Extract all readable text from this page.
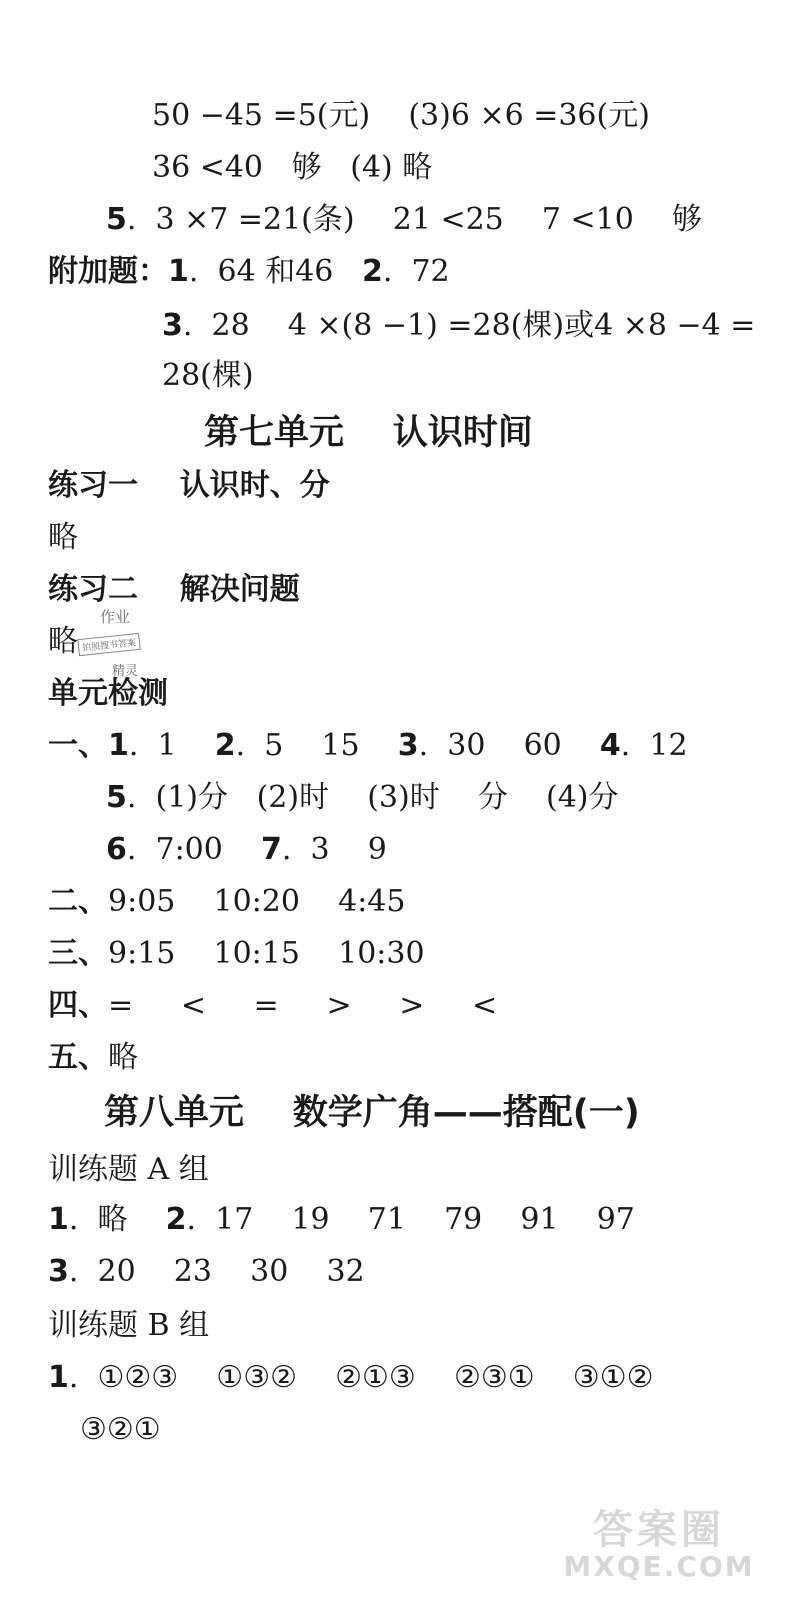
50 −45 =5(元)    (3)6 ×6 =36(元)
36 <40   够   (4) 略
5.  3 ×7 =21(条)    21 <25    7 <10    够
附加题：1.  64 和46   2.  72
3.  28    4 ×(8 −1) =28(棵)或4 ×8 −4 =
28(棵)
第七单元    认识时间
练习一    认识时、分
略
练习二    解决问题
略
单元检测
一、1.  1    2.  5    15    3.  30    60    4.  12
5.  (1)分   (2)时    (3)时    分    (4)分
6.  7:00    7.  3    9
二、9:05    10:20    4:45
三、9:15    10:15    10:30
四、=     <     =     >     >     <
五、略
第八单元    数学广角——搭配(一)
训练题 A 组
1.  略    2.  17    19    71    79    91    97
3.  20    23    30    32
训练题 B 组
1.  ①②③    ①③②    ②①③    ②③①    ③①②
③②①
作业
拍照搜书答案
精灵
答案圈
MXQE.COM
